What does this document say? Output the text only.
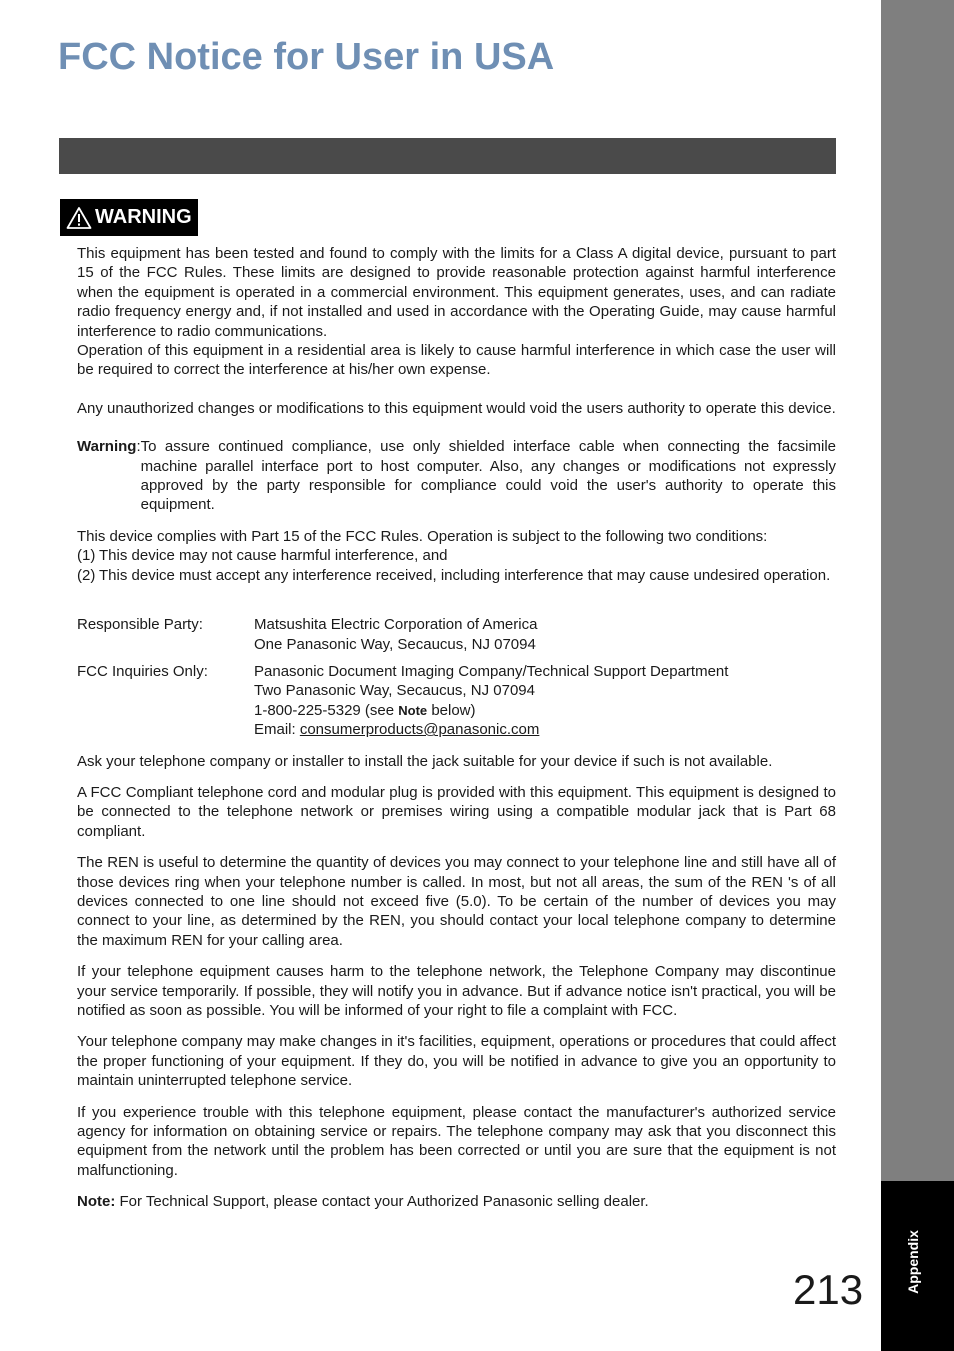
Appendix
FCC Notice for User in USA
WARNING

This equipment has been tested and found to comply with the limits for a Class A digital device, pursuant to part 15 of the FCC Rules. These limits are designed to provide reasonable protection against harmful interference when the equipment is operated in a commercial environment. This equipment generates, uses, and can radiate radio frequency energy and, if not installed and used in accordance with the Operating Guide, may cause harmful interference to radio communications.

Operation of this equipment in a residential area is likely to cause harmful interference in which case the user will be required to correct the interference at his/her own expense.

Any unauthorized changes or modifications to this equipment would void the users authority to operate this device.

Warning: To assure continued compliance, use only shielded interface cable when connecting the facsimile machine parallel interface port to host computer. Also, any changes or modifications not expressly approved by the party responsible for compliance could void the user's authority to operate this equipment.

This device complies with Part 15 of the FCC Rules. Operation is subject to the following two conditions:

(1) This device may not cause harmful interference, and
(2) This device must accept any interference received, including interference that may cause undesired operation.
Responsible Party:	Matsushita Electric Corporation of America
One Panasonic Way, Secaucus, NJ 07094
FCC Inquiries Only:	Panasonic Document Imaging Company/Technical Support Department
Two Panasonic Way, Secaucus, NJ 07094
1-800-225-5329 (see Note below)
Email: consumerproducts@panasonic.com

Ask your telephone company or installer to install the jack suitable for your device if such is not available.

A FCC Compliant telephone cord and modular plug is provided with this equipment. This equipment is designed to be connected to the telephone network or premises wiring using a compatible modular jack that is Part 68 compliant.

The REN is useful to determine the quantity of devices you may connect to your telephone line and still have all of those devices ring when your telephone number is called. In most, but not all areas, the sum of the REN 's of all devices connected to one line should not exceed five (5.0). To be certain of the number of devices you may connect to your line, as determined by the REN, you should contact your local telephone company to determine the maximum REN for your calling area.

If your telephone equipment causes harm to the telephone network, the Telephone Company may discontinue your service temporarily. If possible, they will notify you in advance. But if advance notice isn't practical, you will be notified as soon as possible. You will be informed of your right to file a complaint with FCC.

Your telephone company may make changes in it's facilities, equipment, operations or procedures that could affect the proper functioning of your equipment. If they do, you will be notified in advance to give you an opportunity to maintain uninterrupted telephone service.

If you experience trouble with this telephone equipment, please contact the manufacturer's authorized service agency for information on obtaining service or repairs. The telephone company may ask that you disconnect this equipment from the network until the problem has been corrected or until you are sure that the equipment is not malfunctioning.

Note: For Technical Support, please contact your Authorized Panasonic selling dealer.

213
